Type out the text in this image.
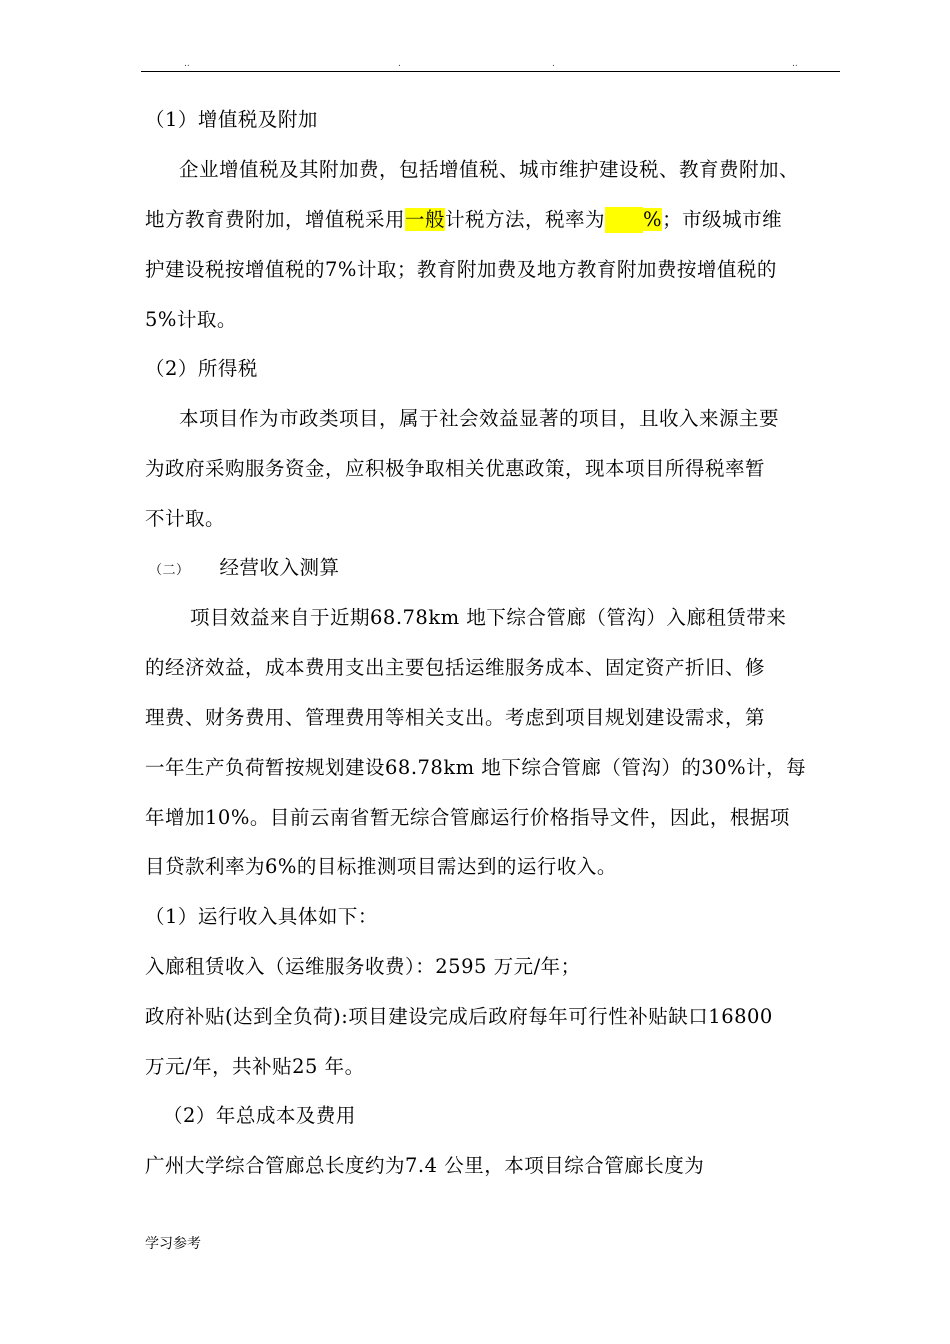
..	.	.	..
（1）增值税及附加
企业增值税及其附加费，包括增值税、城市维护建设税、教育费附加、
地方教育费附加，增值税采用一般计税方法，税率为 %；市级城市维
护建设税按增值税的7%计取；教育附加费及地方教育附加费按增值税的
5%计取。
（2）所得税
本项目作为市政类项目，属于社会效益显著的项目，且收入来源主要
为政府采购服务资金，应积极争取相关优惠政策，现本项目所得税率暂
不计取。
（二） 经营收入测算
项目效益来自于近期68.78km 地下综合管廊（管沟）入廊租赁带来
的经济效益，成本费用支出主要包括运维服务成本、固定资产折旧、修
理费、财务费用、管理费用等相关支出。考虑到项目规划建设需求，第
一年生产负荷暂按规划建设68.78km 地下综合管廊（管沟）的30%计，每
年增加10%。目前云南省暂无综合管廊运行价格指导文件，因此，根据项
目贷款利率为6%的目标推测项目需达到的运行收入。
（1）运行收入具体如下：
入廊租赁收入（运维服务收费）：2595 万元/年；
政府补贴(达到全负荷):项目建设完成后政府每年可行性补贴缺口16800
万元/年，共补贴25 年。
（2）年总成本及费用
广州大学综合管廊总长度约为7.4 公里，本项目综合管廊长度为
学习参考
